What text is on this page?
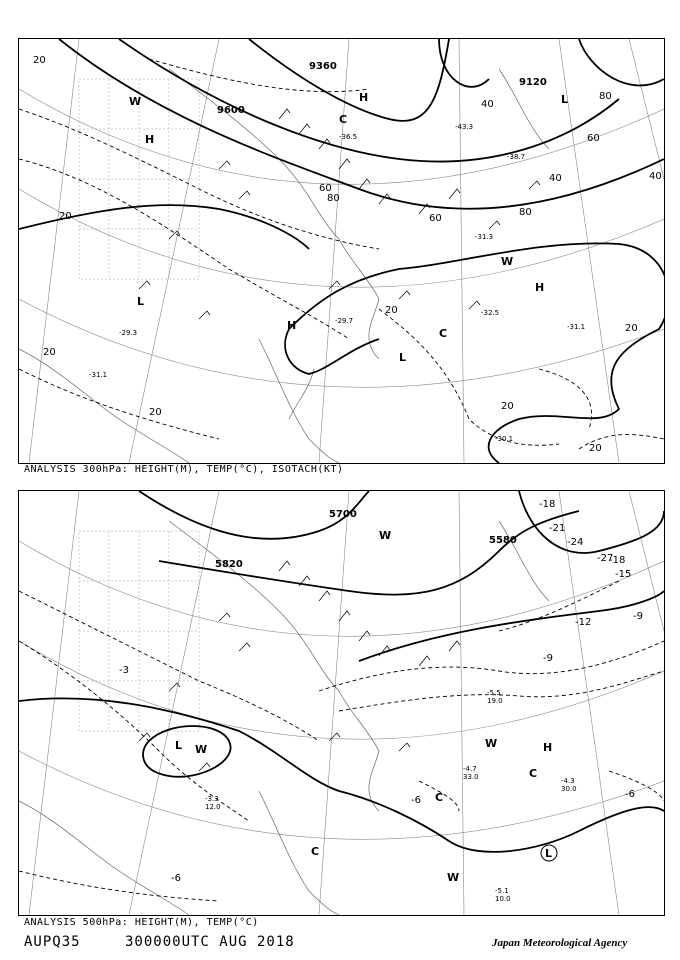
9360
9600
9120
20
20
20
20
20
20
20
20
40
40	40
60
60
60
80
80
80
H
H
H
H
L
L
L
W
W
C
C
-31.3
-32.5
-31.1
-29.7
-38.7
-43.3
-29.3
-31.1
-30.1
-36.5
ANALYSIS 300hPa: HEIGHT(M), TEMP(°C), ISOTACH(KT)
5700
5820
5580
-3
-6
-6
-6
-9
-9
-12
-15
-18
-18
-21
-24
-27
H
L
L
W
W
W
W
C
C
C
-4.7
33.0	-4.3
30.0
-5.1
10.0
-3.3
12.0
-5.5
19.0
ANALYSIS 500hPa: HEIGHT(M), TEMP(°C)
AUPQ35	300000UTC AUG 2018	Japan Meteorological Agency
